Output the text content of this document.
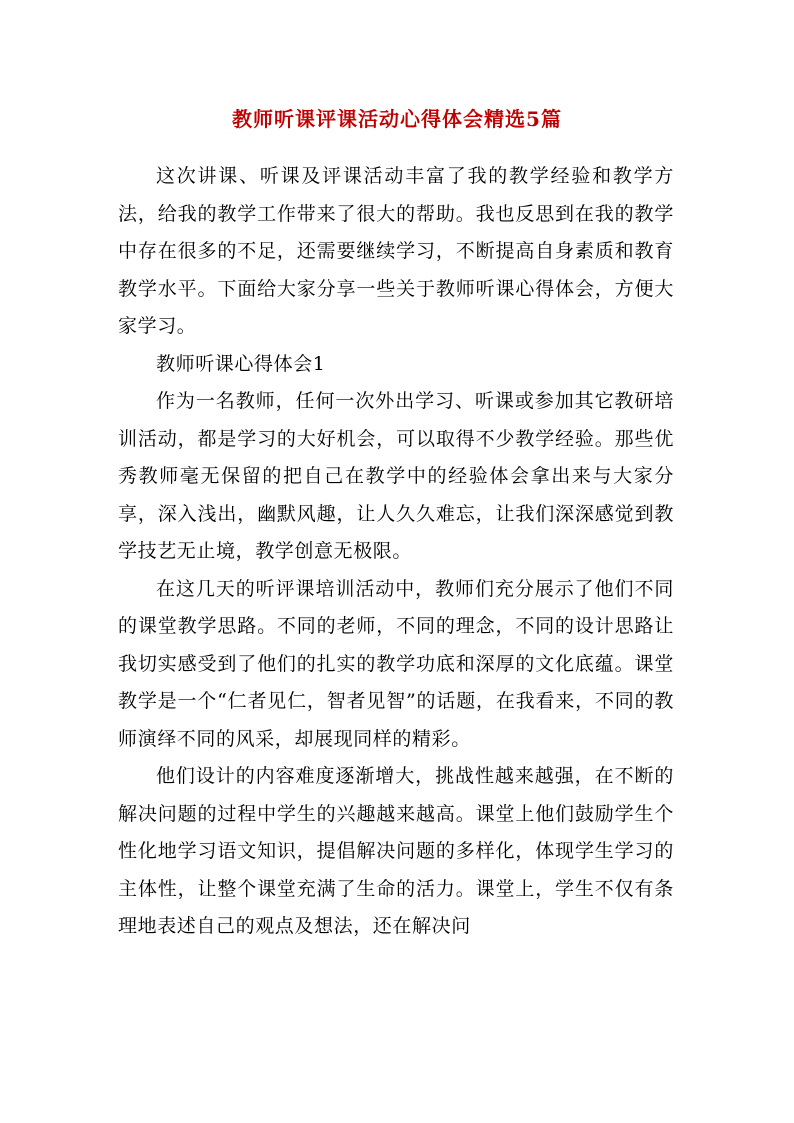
教师听课评课活动心得体会精选5篇

这次讲课、听课及评课活动丰富了我的教学经验和教学方法，给我的教学工作带来了很大的帮助。我也反思到在我的教学中存在很多的不足，还需要继续学习，不断提高自身素质和教育教学水平。下面给大家分享一些关于教师听课心得体会，方便大家学习。

教师听课心得体会1

作为一名教师，任何一次外出学习、听课或参加其它教研培训活动，都是学习的大好机会，可以取得不少教学经验。那些优秀教师毫无保留的把自己在教学中的经验体会拿出来与大家分享，深入浅出，幽默风趣，让人久久难忘，让我们深深感觉到教学技艺无止境，教学创意无极限。

在这几天的听评课培训活动中，教师们充分展示了他们不同的课堂教学思路。不同的老师，不同的理念，不同的设计思路让我切实感受到了他们的扎实的教学功底和深厚的文化底蕴。课堂教学是一个“仁者见仁，智者见智”的话题，在我看来，不同的教师演绎不同的风采，却展现同样的精彩。

他们设计的内容难度逐渐增大，挑战性越来越强，在不断的解决问题的过程中学生的兴趣越来越高。课堂上他们鼓励学生个性化地学习语文知识，提倡解决问题的多样化，体现学生学习的主体性，让整个课堂充满了生命的活力。课堂上，学生不仅有条理地表述自己的观点及想法，还在解决问
